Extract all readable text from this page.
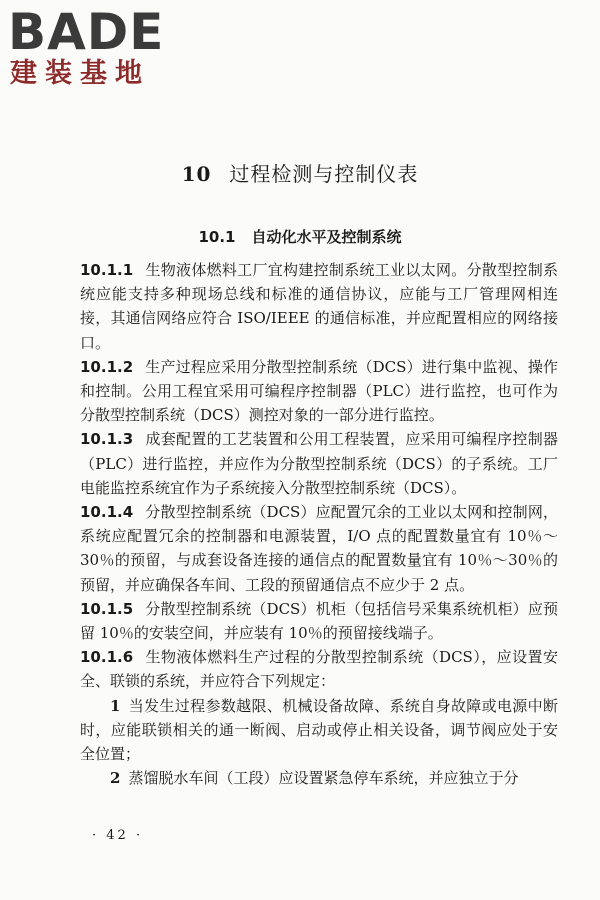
BADE
建装基地
10 过程检测与控制仪表
10.1 自动化水平及控制系统

10.1.1 生物液体燃料工厂宜构建控制系统工业以太网。分散型控制系统应能支持多种现场总线和标准的通信协议，应能与工厂管理网相连接，其通信网络应符合 ISO/IEEE 的通信标准，并应配置相应的网络接口。

10.1.2 生产过程应采用分散型控制系统（DCS）进行集中监视、操作和控制。公用工程宜采用可编程序控制器（PLC）进行监控，也可作为分散型控制系统（DCS）测控对象的一部分进行监控。

10.1.3 成套配置的工艺装置和公用工程装置，应采用可编程序控制器（PLC）进行监控，并应作为分散型控制系统（DCS）的子系统。工厂电能监控系统宜作为子系统接入分散型控制系统（DCS）。

10.1.4 分散型控制系统（DCS）应配置冗余的工业以太网和控制网，系统应配置冗余的控制器和电源装置，I/O 点的配置数量宜有 10％～30％的预留，与成套设备连接的通信点的配置数量宜有 10％～30％的预留，并应确保各车间、工段的预留通信点不应少于 2 点。

10.1.5 分散型控制系统（DCS）机柜（包括信号采集系统机柜）应预留 10％的安装空间，并应装有 10％的预留接线端子。

10.1.6 生物液体燃料生产过程的分散型控制系统（DCS），应设置安全、联锁的系统，并应符合下列规定：

1 当发生过程参数越限、机械设备故障、系统自身故障或电源中断时，应能联锁相关的通一断阀、启动或停止相关设备，调节阀应处于安全位置；

2 蒸馏脱水车间（工段）应设置紧急停车系统，并应独立于分

· 42 ·
